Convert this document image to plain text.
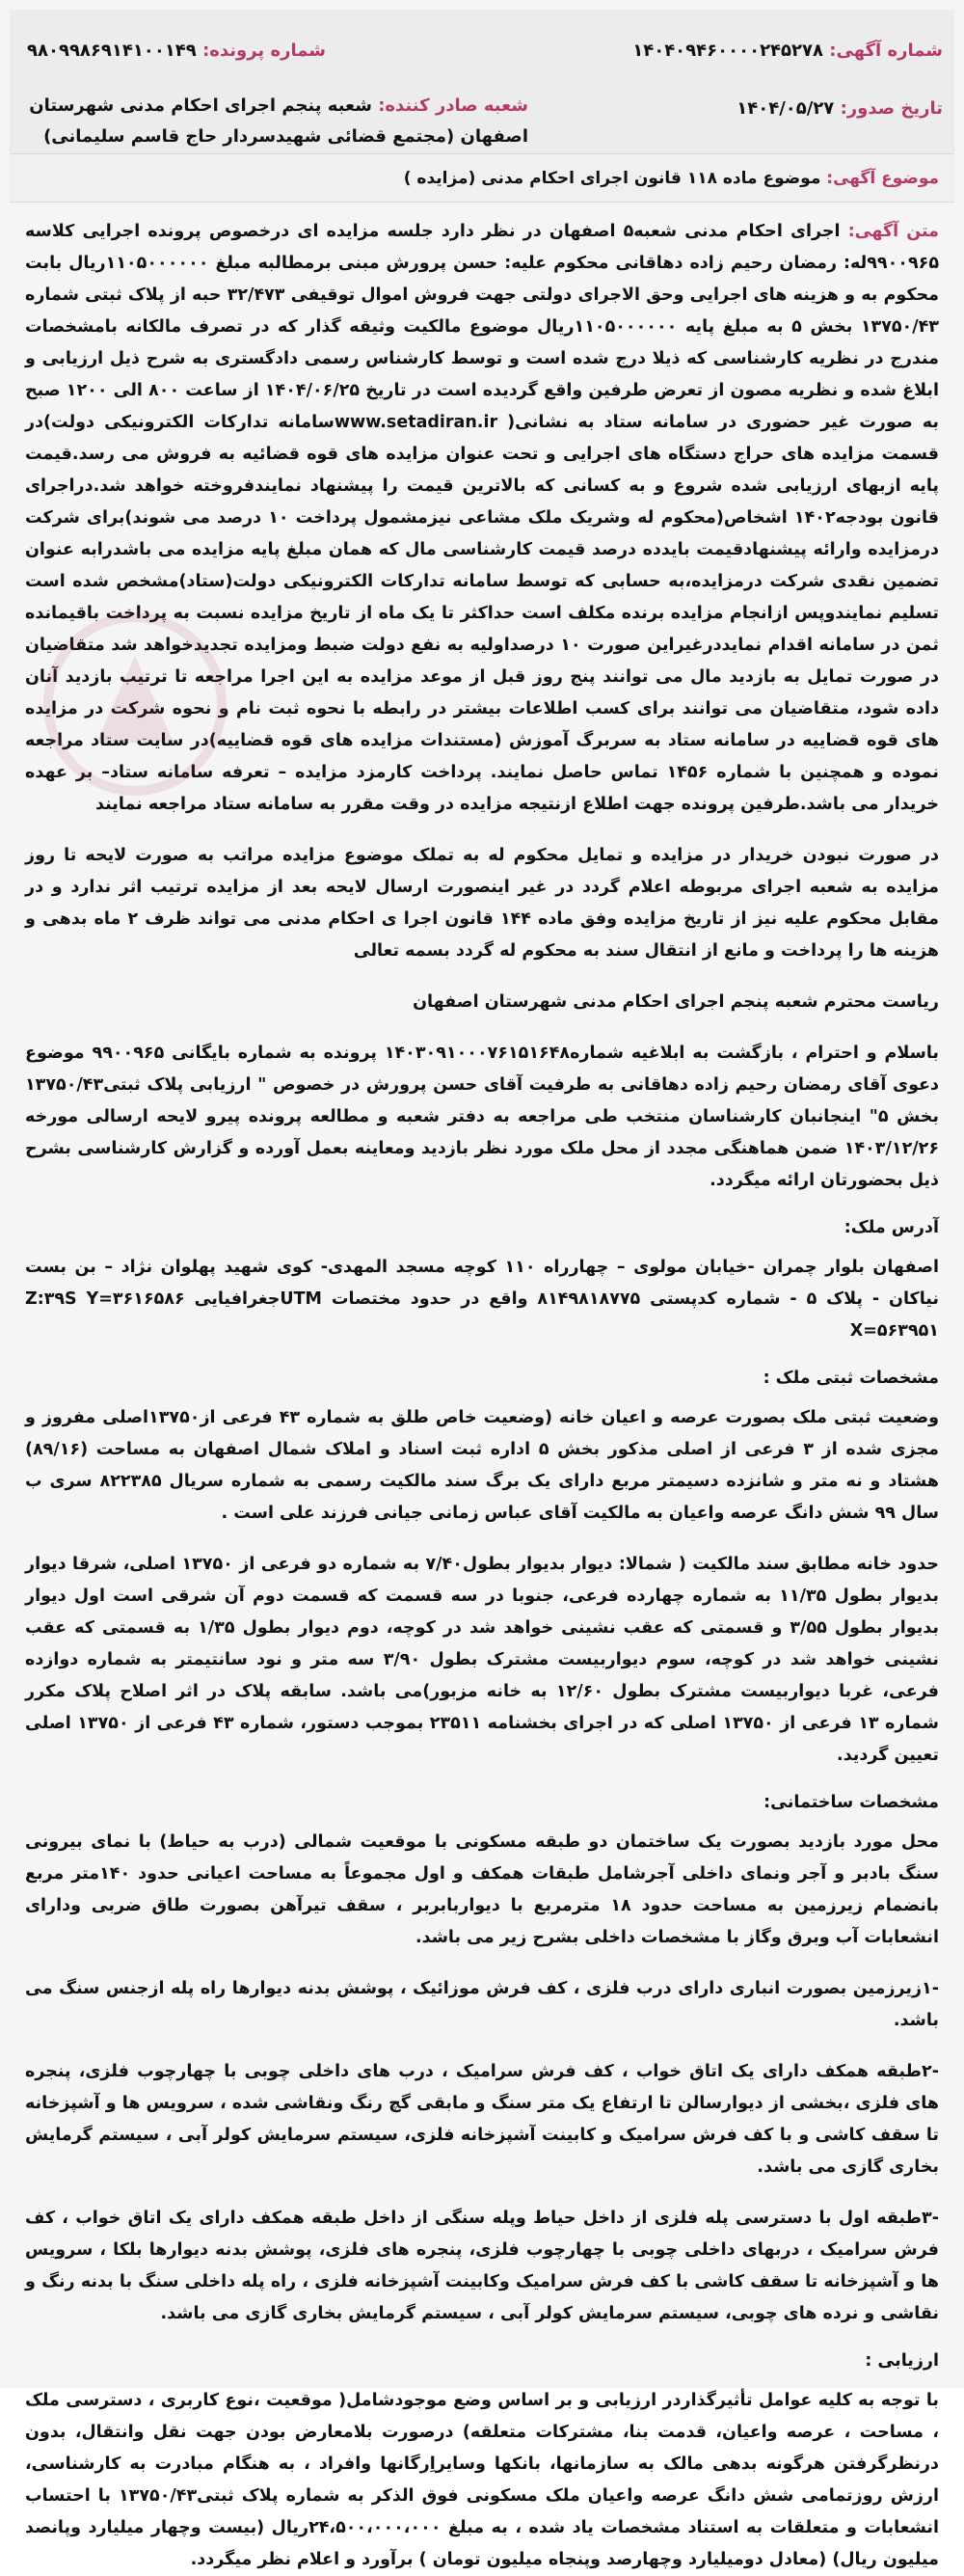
شماره آگهی: ۱۴۰۴۰۹۴۶۰۰۰۰۲۴۵۲۷۸
تاریخ صدور: ۱۴۰۴/۰۵/۲۷
شماره پرونده: ۹۸۰۹۹۸۶۹۱۴۱۰۰۱۴۹
شعبه صادر کننده: شعبه پنجم اجرای احکام مدنی شهرستان اصفهان (مجتمع قضائی شهیدسردار حاج قاسم سلیمانی)
موضوع آگهی: موضوع ماده ۱۱۸ قانون اجرای احکام مدنی (مزایده )

متن آگهی: اجرای احکام مدنی شعبه۵ اصفهان در نظر دارد جلسه مزایده ای درخصوص پرونده اجرایی کلاسه ۹۹۰۰۹۶۵له: رمضان رحیم زاده دهاقانی محکوم علیه: حسن پرورش مبنی برمطالبه مبلغ ۱۱۰۵۰۰۰۰۰۰ریال بابت محکوم به و هزینه های اجرایی وحق الاجرای دولتی جهت فروش اموال توقیفی ۳۲/۴۷۳ حبه از پلاک ثبتی شماره ۱۳۷۵۰/۴۳ بخش ۵ به مبلغ پایه ۱۱۰۵۰۰۰۰۰۰ریال موضوع مالکیت وثیقه گذار که در تصرف مالکانه بامشخصات مندرج در نظریه کارشناسی که ذیلا درج شده است و توسط کارشناس رسمی دادگستری به شرح ذیل ارزیابی و ابلاغ شده و نظریه مصون از تعرض طرفین واقع گردیده است در تاریخ ۱۴۰۴/۰۶/۲۵ از ساعت ۸۰۰ الی ۱۲۰۰ صبح به صورت غیر حضوری در سامانه ستاد به نشانی( www.setadiran.irسامانه تدارکات الکترونیکی دولت)در قسمت مزایده های حراج دستگاه های اجرایی و تحت عنوان مزایده های قوه قضائیه به فروش می رسد.قیمت پایه ازبهای ارزیابی شده شروع و به کسانی که بالاترین قیمت را پیشنهاد نمایندفروخته خواهد شد.دراجرای قانون بودجه۱۴۰۲ اشخاص(محکوم له وشریک ملک مشاعی نیزمشمول پرداخت ۱۰ درصد می شوند)برای شرکت درمزایده وارائه پیشنهادقیمت بایدده درصد قیمت کارشناسی مال که همان مبلغ پایه مزایده می باشدرابه عنوان تضمین نقدی شرکت درمزایده،به حسابی که توسط سامانه تدارکات الکترونیکی دولت(ستاد)مشخص شده است تسلیم نمایندوپس ازانجام مزایده برنده مکلف است حداکثر تا یک ماه از تاریخ مزایده نسبت به پرداخت باقیمانده ثمن در سامانه اقدام نمایددرغیراین صورت ۱۰ درصداولیه به نفع دولت ضبط ومزایده تجدیدخواهد شد متقاضیان در صورت تمایل به بازدید مال می توانند پنج روز قبل از موعد مزایده به این اجرا مراجعه تا ترتیب بازدید آنان داده شود، متقاضیان می توانند برای کسب اطلاعات بیشتر در رابطه با نحوه ثبت نام و نحوه شرکت در مزایده های قوه قضاییه در سامانه ستاد به سربرگ آموزش (مستندات مزایده های قوه قضاییه)در سایت ستاد مراجعه نموده و همچنین با شماره ۱۴۵۶ تماس حاصل نمایند. پرداخت کارمزد مزایده – تعرفه سامانه ستاد– بر عهده خریدار می باشد.طرفین پرونده جهت اطلاع ازنتیجه مزایده در وقت مقرر به سامانه ستاد مراجعه نمایند

در صورت نبودن خریدار در مزایده و تمایل محکوم له به تملک موضوع مزایده مراتب به صورت لایحه تا روز مزایده به شعبه اجرای مربوطه اعلام گردد در غیر اینصورت ارسال لایحه بعد از مزایده ترتیب اثر ندارد و در مقابل محکوم علیه نیز از تاریخ مزایده وفق ماده ۱۴۴ قانون اجرا ی احکام مدنی می تواند ظرف ۲ ماه بدهی و هزینه ها را پرداخت و مانع از انتقال سند به محکوم له گردد بسمه تعالی

ریاست محترم شعبه پنجم اجرای احکام مدنی شهرستان اصفهان

باسلام و احترام ، بازگشت به ابلاغیه شماره۱۴۰۳۰۹۱۰۰۰۷۶۱۵۱۶۴۸ پرونده به شماره بایگانی ۹۹۰۰۹۶۵ موضوع دعوی آقای رمضان رحیم زاده دهاقانی به طرفیت آقای حسن پرورش در خصوص " ارزیابی پلاک ثبتی۱۳۷۵۰/۴۳ بخش ۵" اینجانبان کارشناسان منتخب طی مراجعه به دفتر شعبه و مطالعه پرونده پیرو لایحه ارسالی مورخه ۱۴۰۳/۱۲/۲۶ ضمن هماهنگی مجدد از محل ملک مورد نظر بازدید ومعاینه بعمل آورده و گزارش کارشناسی بشرح ذیل بحضورتان ارائه میگردد.

آدرس ملک:

اصفهان بلوار چمران -خیابان مولوی – چهارراه ۱۱۰ کوچه مسجد المهدی- کوی شهید پهلوان نژاد – بن بست نیاکان - پلاک ۵ - شماره کدپستی ۸۱۴۹۸۱۸۷۷۵ واقع در حدود مختصات UTMجغرافیایی Z:۳۹S Y=۳۶۱۶۵۸۶ X=۵۶۳۹۵۱

مشخصات ثبتی ملک :

وضعیت ثبتی ملک بصورت عرصه و اعیان خانه (وضعیت خاص طلق به شماره ۴۳ فرعی از۱۳۷۵۰اصلی مفروز و مجزی شده از ۳ فرعی از اصلی مذکور بخش ۵ اداره ثبت اسناد و املاک شمال اصفهان به مساحت (۸۹/۱۶) هشتاد و نه متر و شانزده دسیمتر مربع دارای یک برگ سند مالکیت رسمی به شماره سریال ۸۲۲۳۸۵ سری ب سال ۹۹ شش دانگ عرصه واعیان به مالکیت آقای عباس زمانی جیانی فرزند علی است .

حدود خانه مطابق سند مالکیت ( شمالا: دیوار بدیوار بطول۷/۴۰ به شماره دو فرعی از ۱۳۷۵۰ اصلی، شرقا دیوار بدیوار بطول ۱۱/۳۵ به شماره چهارده فرعی، جنوبا در سه قسمت که قسمت دوم آن شرقی است اول دیوار بدیوار بطول ۳/۵۵ و قسمتی که عقب نشینی خواهد شد در کوچه، دوم دیوار بطول ۱/۳۵ به قسمتی که عقب نشینی خواهد شد در کوچه، سوم دیواربیست مشترک بطول ۳/۹۰ سه متر و نود سانتیمتر به شماره دوازده فرعی، غربا دیواربیست مشترک بطول ۱۲/۶۰ به خانه مزبور)می باشد. سابقه پلاک در اثر اصلاح پلاک مکرر شماره ۱۳ فرعی از ۱۳۷۵۰ اصلی که در اجرای بخشنامه ۲۳۵۱۱ بموجب دستور، شماره ۴۳ فرعی از ۱۳۷۵۰ اصلی تعیین گردید.

مشخصات ساختمانی:

محل مورد بازدید بصورت یک ساختمان دو طبقه مسکونی با موقعیت شمالی (درب به حیاط) با نمای بیرونی سنگ بادبر و آجر ونمای داخلی آجرشامل طبقات همکف و اول مجموعاً به مساحت اعیانی حدود ۱۴۰متر مربع بانضمام زیرزمین به مساحت حدود ۱۸ مترمربع با دیواربابربر ، سقف تیرآهن بصورت طاق ضربی ودارای انشعابات آب وبرق وگاز با مشخصات داخلی بشرح زیر می باشد.

-۱زیرزمین بصورت انباری دارای درب فلزی ، کف فرش موزائیک ، پوشش بدنه دیوارها راه پله ازجنس سنگ می باشد.

-۲طبقه همکف دارای یک اتاق خواب ، کف فرش سرامیک ، درب های داخلی چوبی با چهارچوب فلزی، پنجره های فلزی ،بخشی از دیوارسالن تا ارتفاع یک متر سنگ و مابقی گچ رنگ ونقاشی شده ، سرویس ها و آشپزخانه تا سقف کاشی و با کف فرش سرامیک و کابینت آشپزخانه فلزی، سیستم سرمایش کولر آبی ، سیستم گرمایش بخاری گازی می باشد.

-۳طبقه اول با دسترسی پله فلزی از داخل حیاط وپله سنگی از داخل طبقه همکف دارای یک اتاق خواب ، کف فرش سرامیک ، دربهای داخلی چوبی با چهارچوب فلزی، پنجره های فلزی، پوشش بدنه دیوارها بلکا ، سرویس ها و آشپزخانه تا سقف کاشی با کف فرش سرامیک وکابینت آشپزخانه فلزی ، راه پله داخلی سنگ با بدنه رنگ و نقاشی و نرده های چوبی، سیستم سرمایش کولر آبی ، سیستم گرمایش بخاری گازی می باشد.

ارزیابی :

با توجه به کلیه عوامل تأثیرگذاردر ارزیابی و بر اساس وضع موجودشامل( موقعیت ،نوع کاربری ، دسترسی ملک ، مساحت ، عرصه واعیان، قدمت بنا، مشترکات متعلقه) درصورت بلامعارض بودن جهت نقل وانتقال، بدون درنظرگرفتن هرگونه بدهی مالک به سازمانها، بانکها وسایراِرگانها وافراد ، به هنگام مبادرت به کارشناسی، ارزش روزتمامی شش دانگ عرصه واعیان ملک مسکونی فوق الذکر به شماره پلاک ثبتی۱۳۷۵۰/۴۳ با احتساب انشعابات و متعلقات به استناد مشخصات یاد شده ، به مبلغ ۲۴،۵۰۰،۰۰۰،۰۰۰ریال (بیست وچهار میلیارد وپانصد میلیون ریال) (معادل دومیلیارد وچهارصد وپنجاه میلیون تومان ) برآورد و اعلام نظر میگردد.
